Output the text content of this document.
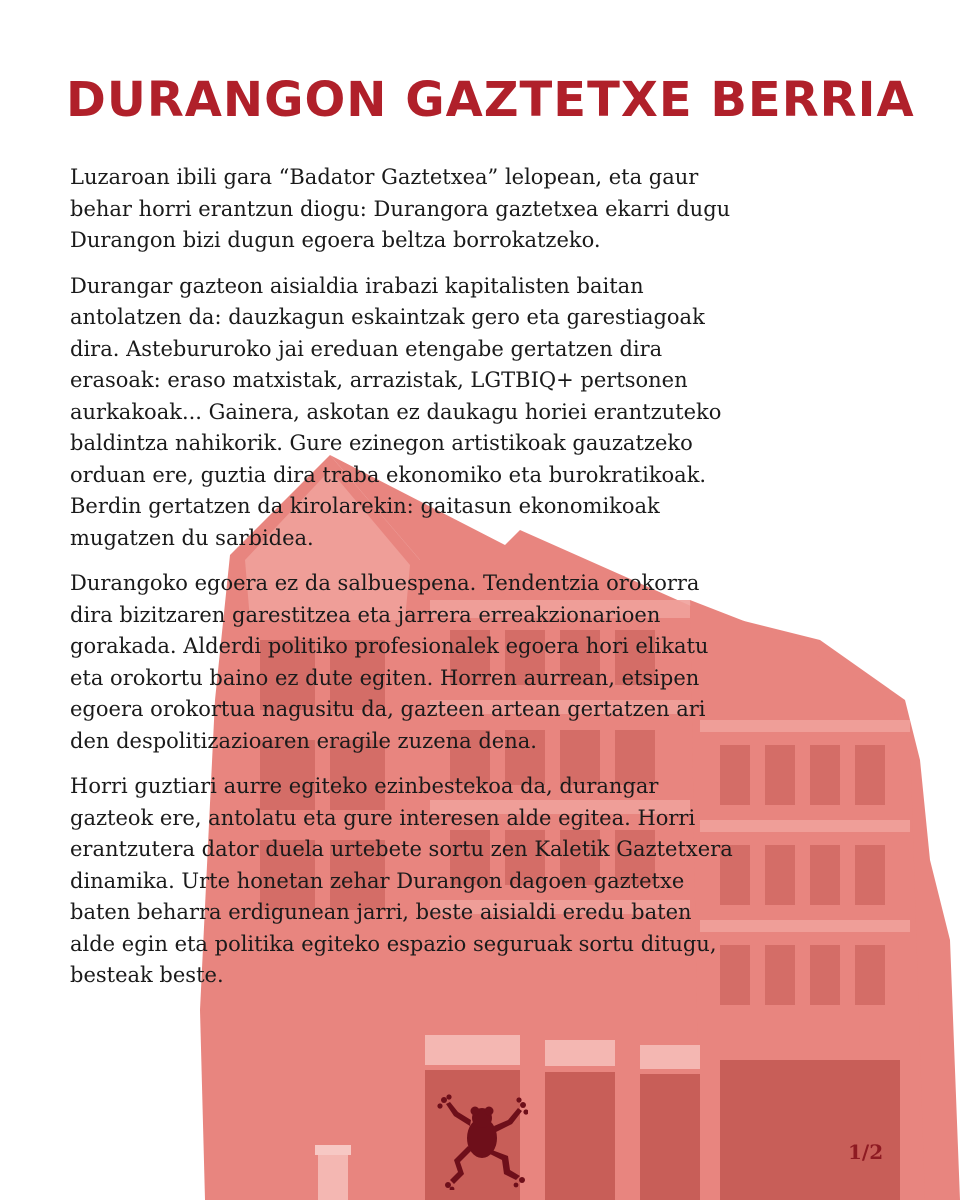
DURANGON GAZTETXE BERRIA

Luzaroan ibili gara “Badator Gaztetxea” lelopean, eta gaur
behar horri erantzun diogu: Durangora gaztetxea ekarri dugu
Durangon bizi dugun egoera beltza borrokatzeko.

Durangar gazteon aisialdia irabazi kapitalisten baitan
antolatzen da: dauzkagun eskaintzak gero eta garestiagoak
dira. Astebururoko jai ereduan etengabe gertatzen dira
erasoak: eraso matxistak, arrazistak, LGTBIQ+ pertsonen
aurkakoak... Gainera, askotan ez daukagu horiei erantzuteko
baldintza nahikorik. Gure ezinegon artistikoak gauzatzeko
orduan ere, guztia dira traba ekonomiko eta burokratikoak.
Berdin gertatzen da kirolarekin: gaitasun ekonomikoak
mugatzen du sarbidea.

Durangoko egoera ez da salbuespena. Tendentzia orokorra
dira bizitzaren garestitzea eta jarrera erreakzionarioen
gorakada. Alderdi politiko profesionalek egoera hori elikatu
eta orokortu baino ez dute egiten. Horren aurrean, etsipen
egoera orokortua nagusitu da, gazteen artean gertatzen ari
den despolitizazioaren eragile zuzena dena.

Horri guztiari aurre egiteko ezinbestekoa da, durangar
gazteok ere, antolatu eta gure interesen alde egitea. Horri
erantzutera dator duela urtebete sortu zen Kaletik Gaztetxera
dinamika. Urte honetan zehar Durangon dagoen gaztetxe
baten beharra erdigunean jarri, beste aisialdi eredu baten
alde egin eta politika egiteko espazio seguruak sortu ditugu,
besteak beste.

1/2
